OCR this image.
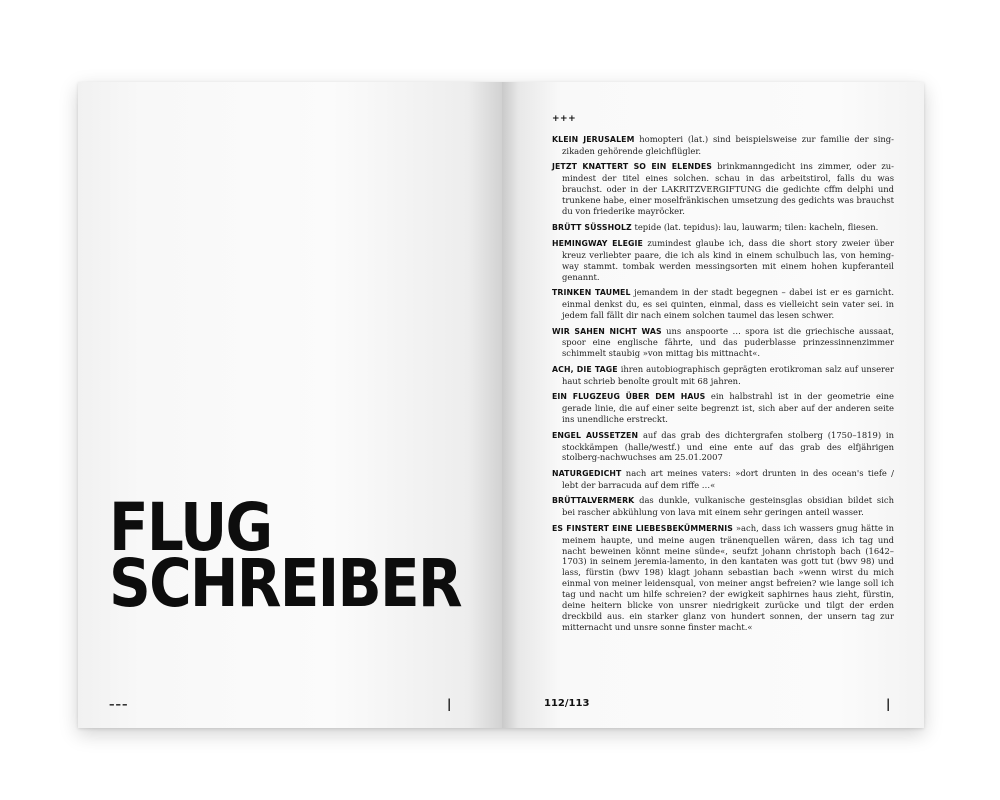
FLUG
SCHREIBER
–––	|
+++

KLEIN JERUSALEM homopteri (lat.) sind beispielsweise zur familie der singzikaden gehörende gleichflügler.

JETZT KNATTERT SO EIN ELENDES brinkmanngedicht ins zimmer, oder zumindest der titel eines solchen. schau in das arbeitstirol, falls du was brauchst. oder in der LAKRITZVERGIFTUNG die gedichte cffm delphi und trunkene habe, einer moselfränkischen umsetzung des gedichts was brauchst du von friederike mayröcker.

BRÜTT SÜSSHOLZ tepide (lat. tepidus): lau, lauwarm; tilen: kacheln, fliesen.

HEMINGWAY ELEGIE zumindest glaube ich, dass die short story zweier über kreuz verliebter paare, die ich als kind in einem schulbuch las, von hemingway stammt. tombak werden messingsorten mit einem hohen kupferanteil genannt.

TRINKEN TAUMEL jemandem in der stadt begegnen – dabei ist er es garnicht. einmal denkst du, es sei quinten, einmal, dass es vielleicht sein vater sei. in jedem fall fällt dir nach einem solchen taumel das lesen schwer.

WIR SAHEN NICHT WAS uns anspoorte … spora ist die griechische aussaat, spoor eine englische fährte, und das puderblasse prinzessinnenzimmer schimmelt staubig »von mittag bis mittnacht«.

ACH, DIE TAGE ihren autobiographisch geprägten erotikroman salz auf unserer haut schrieb benoîte groult mit 68 jahren.

EIN FLUGZEUG ÜBER DEM HAUS ein halbstrahl ist in der geometrie eine gerade linie, die auf einer seite begrenzt ist, sich aber auf der anderen seite ins unendliche erstreckt.

ENGEL AUSSETZEN auf das grab des dichtergrafen stolberg (1750–1819) in stockkämpen (halle/westf.) und eine ente auf das grab des elfjährigen stolberg-nachwuchses am 25.01.2007

NATURGEDICHT nach art meines vaters: »dort drunten in des ocean's tiefe / lebt der barracuda auf dem riffe …«

BRÜTTALVERMERK das dunkle, vulkanische gesteinsglas obsidian bildet sich bei rascher abkühlung von lava mit einem sehr geringen anteil wasser.

ES FINSTERT EINE LIEBESBEKÜMMERNIS »ach, dass ich wassers gnug hätte in meinem haupte, und meine augen tränenquellen wären, dass ich tag und nacht beweinen könnt meine sünde«, seufzt johann christoph bach (1642–1703) in seinem jeremia-lamento, in den kantaten was gott tut (bwv 98) und lass, fürstin (bwv 198) klagt johann sebastian bach »wenn wirst du mich einmal von meiner leidensqual, von meiner angst befreien? wie lange soll ich tag und nacht um hilfe schreien? der ewigkeit saphirnes haus zieht, fürstin, deine heitern blicke von unsrer niedrigkeit zurücke und tilgt der erden dreckbild aus. ein starker glanz von hundert sonnen, der unsern tag zur mitternacht und unsre sonne finster macht.«

112/113	|
